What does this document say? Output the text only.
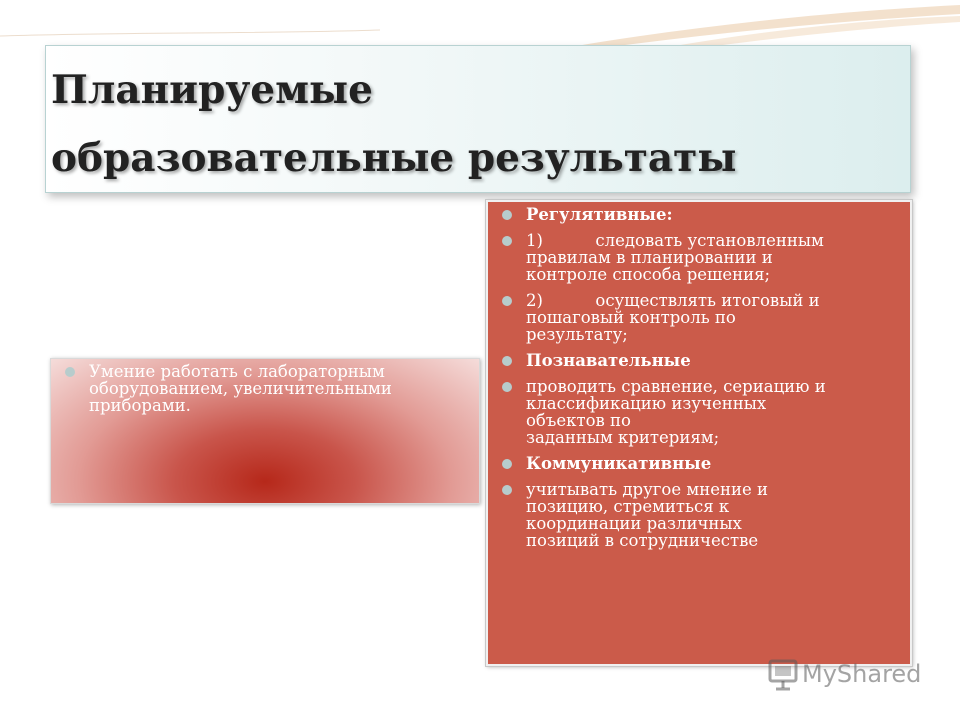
Планируемые
образовательные результаты
Умение работать с лабораторным
оборудованием, увеличительными
приборами.
Регулятивные:
1)          следовать установленным
правилам в планировании и
контроле способа решения;
2)          осуществлять итоговый и
пошаговый контроль по
результату;
Познавательные
проводить сравнение, сериацию и
классификацию изученных
объектов по
заданным критериям;
Коммуникативные
учитывать другое мнение и
позицию, стремиться к
координации различных
позиций в сотрудничестве
MyShared
